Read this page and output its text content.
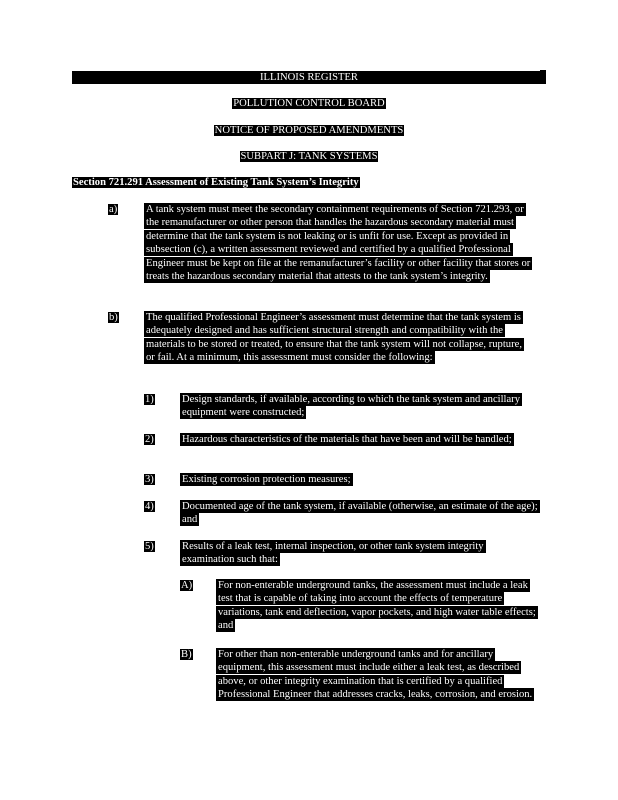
ILLINOIS REGISTER
POLLUTION CONTROL BOARD
NOTICE OF PROPOSED AMENDMENTS
SUBPART J: TANK SYSTEMS
Section 721.291 Assessment of Existing Tank System’s Integrity
a)	A tank system must meet the secondary containment requirements of Section 721.293, or the remanufacturer or other person that handles the hazardous secondary material must determine that the tank system is not leaking or is unfit for use. Except as provided in subsection (c), a written assessment reviewed and certified by a qualified Professional Engineer must be kept on file at the remanufacturer’s facility or other facility that stores or treats the hazardous secondary material that attests to the tank system’s integrity.
b)	The qualified Professional Engineer’s assessment must determine that the tank system is adequately designed and has sufficient structural strength and compatibility with the materials to be stored or treated, to ensure that the tank system will not collapse, rupture, or fail. At a minimum, this assessment must consider the following:
1)	Design standards, if available, according to which the tank system and ancillary equipment were constructed;
2)	Hazardous characteristics of the materials that have been and will be handled;
3)	Existing corrosion protection measures;
4)	Documented age of the tank system, if available (otherwise, an estimate of the age); and
5)	Results of a leak test, internal inspection, or other tank system integrity examination such that:
A) For non-enterable underground tanks, the assessment must include a leak test that is capable of taking into account the effects of temperature variations, tank end deflection, vapor pockets, and high water table effects; and
B) For other than non-enterable underground tanks and for ancillary equipment, this assessment must include either a leak test, as described above, or other integrity examination that is certified by a qualified Professional Engineer that addresses cracks, leaks, corrosion, and erosion.
